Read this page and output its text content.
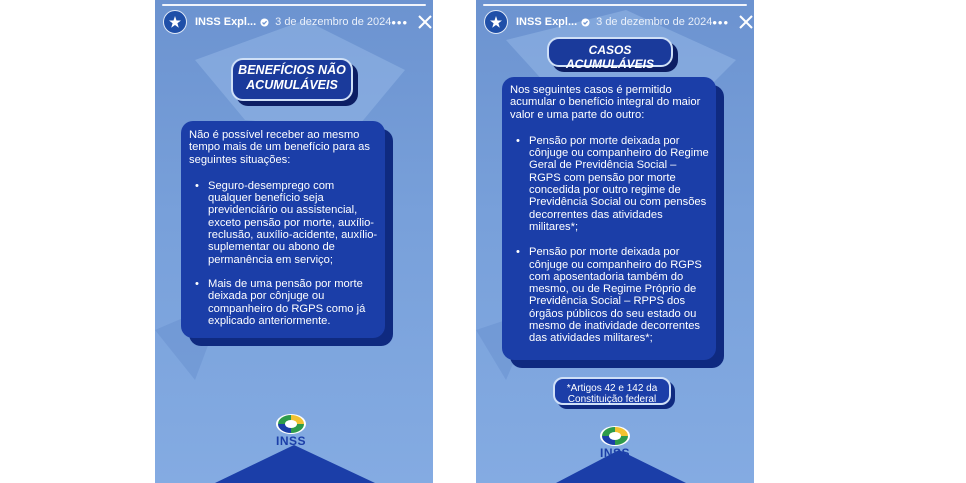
INSS Expl... 3 de dezembro de 2024 •••
BENEFÍCIOS NÃO
ACUMULÁVEIS

Não é possível receber ao mesmo tempo mais de um benefício para as seguintes situações:

• Seguro-desemprego com qualquer benefício seja previdenciário ou assistencial, exceto pensão por morte, auxílio-reclusão, auxílio-acidente, auxílio-suplementar ou abono de permanência em serviço;
• Mais de uma pensão por morte deixada por cônjuge ou companheiro do RGPS como já explicado anteriormente.
INSS
INSS Expl... 3 de dezembro de 2024 •••
CASOS ACUMULÁVEIS

Nos seguintes casos é permitido acumular o benefício integral do maior valor e uma parte do outro:

• Pensão por morte deixada por cônjuge ou companheiro do Regime Geral de Previdência Social – RGPS com pensão por morte concedida por outro regime de Previdência Social ou com pensões decorrentes das atividades militares*;
• Pensão por morte deixada por cônjuge ou companheiro do RGPS com aposentadoria também do mesmo, ou de Regime Próprio de Previdência Social – RPPS dos órgãos públicos do seu estado ou mesmo de inatividade decorrentes das atividades militares*;
*Artigos 42 e 142 da
Constituição federal
INSS
